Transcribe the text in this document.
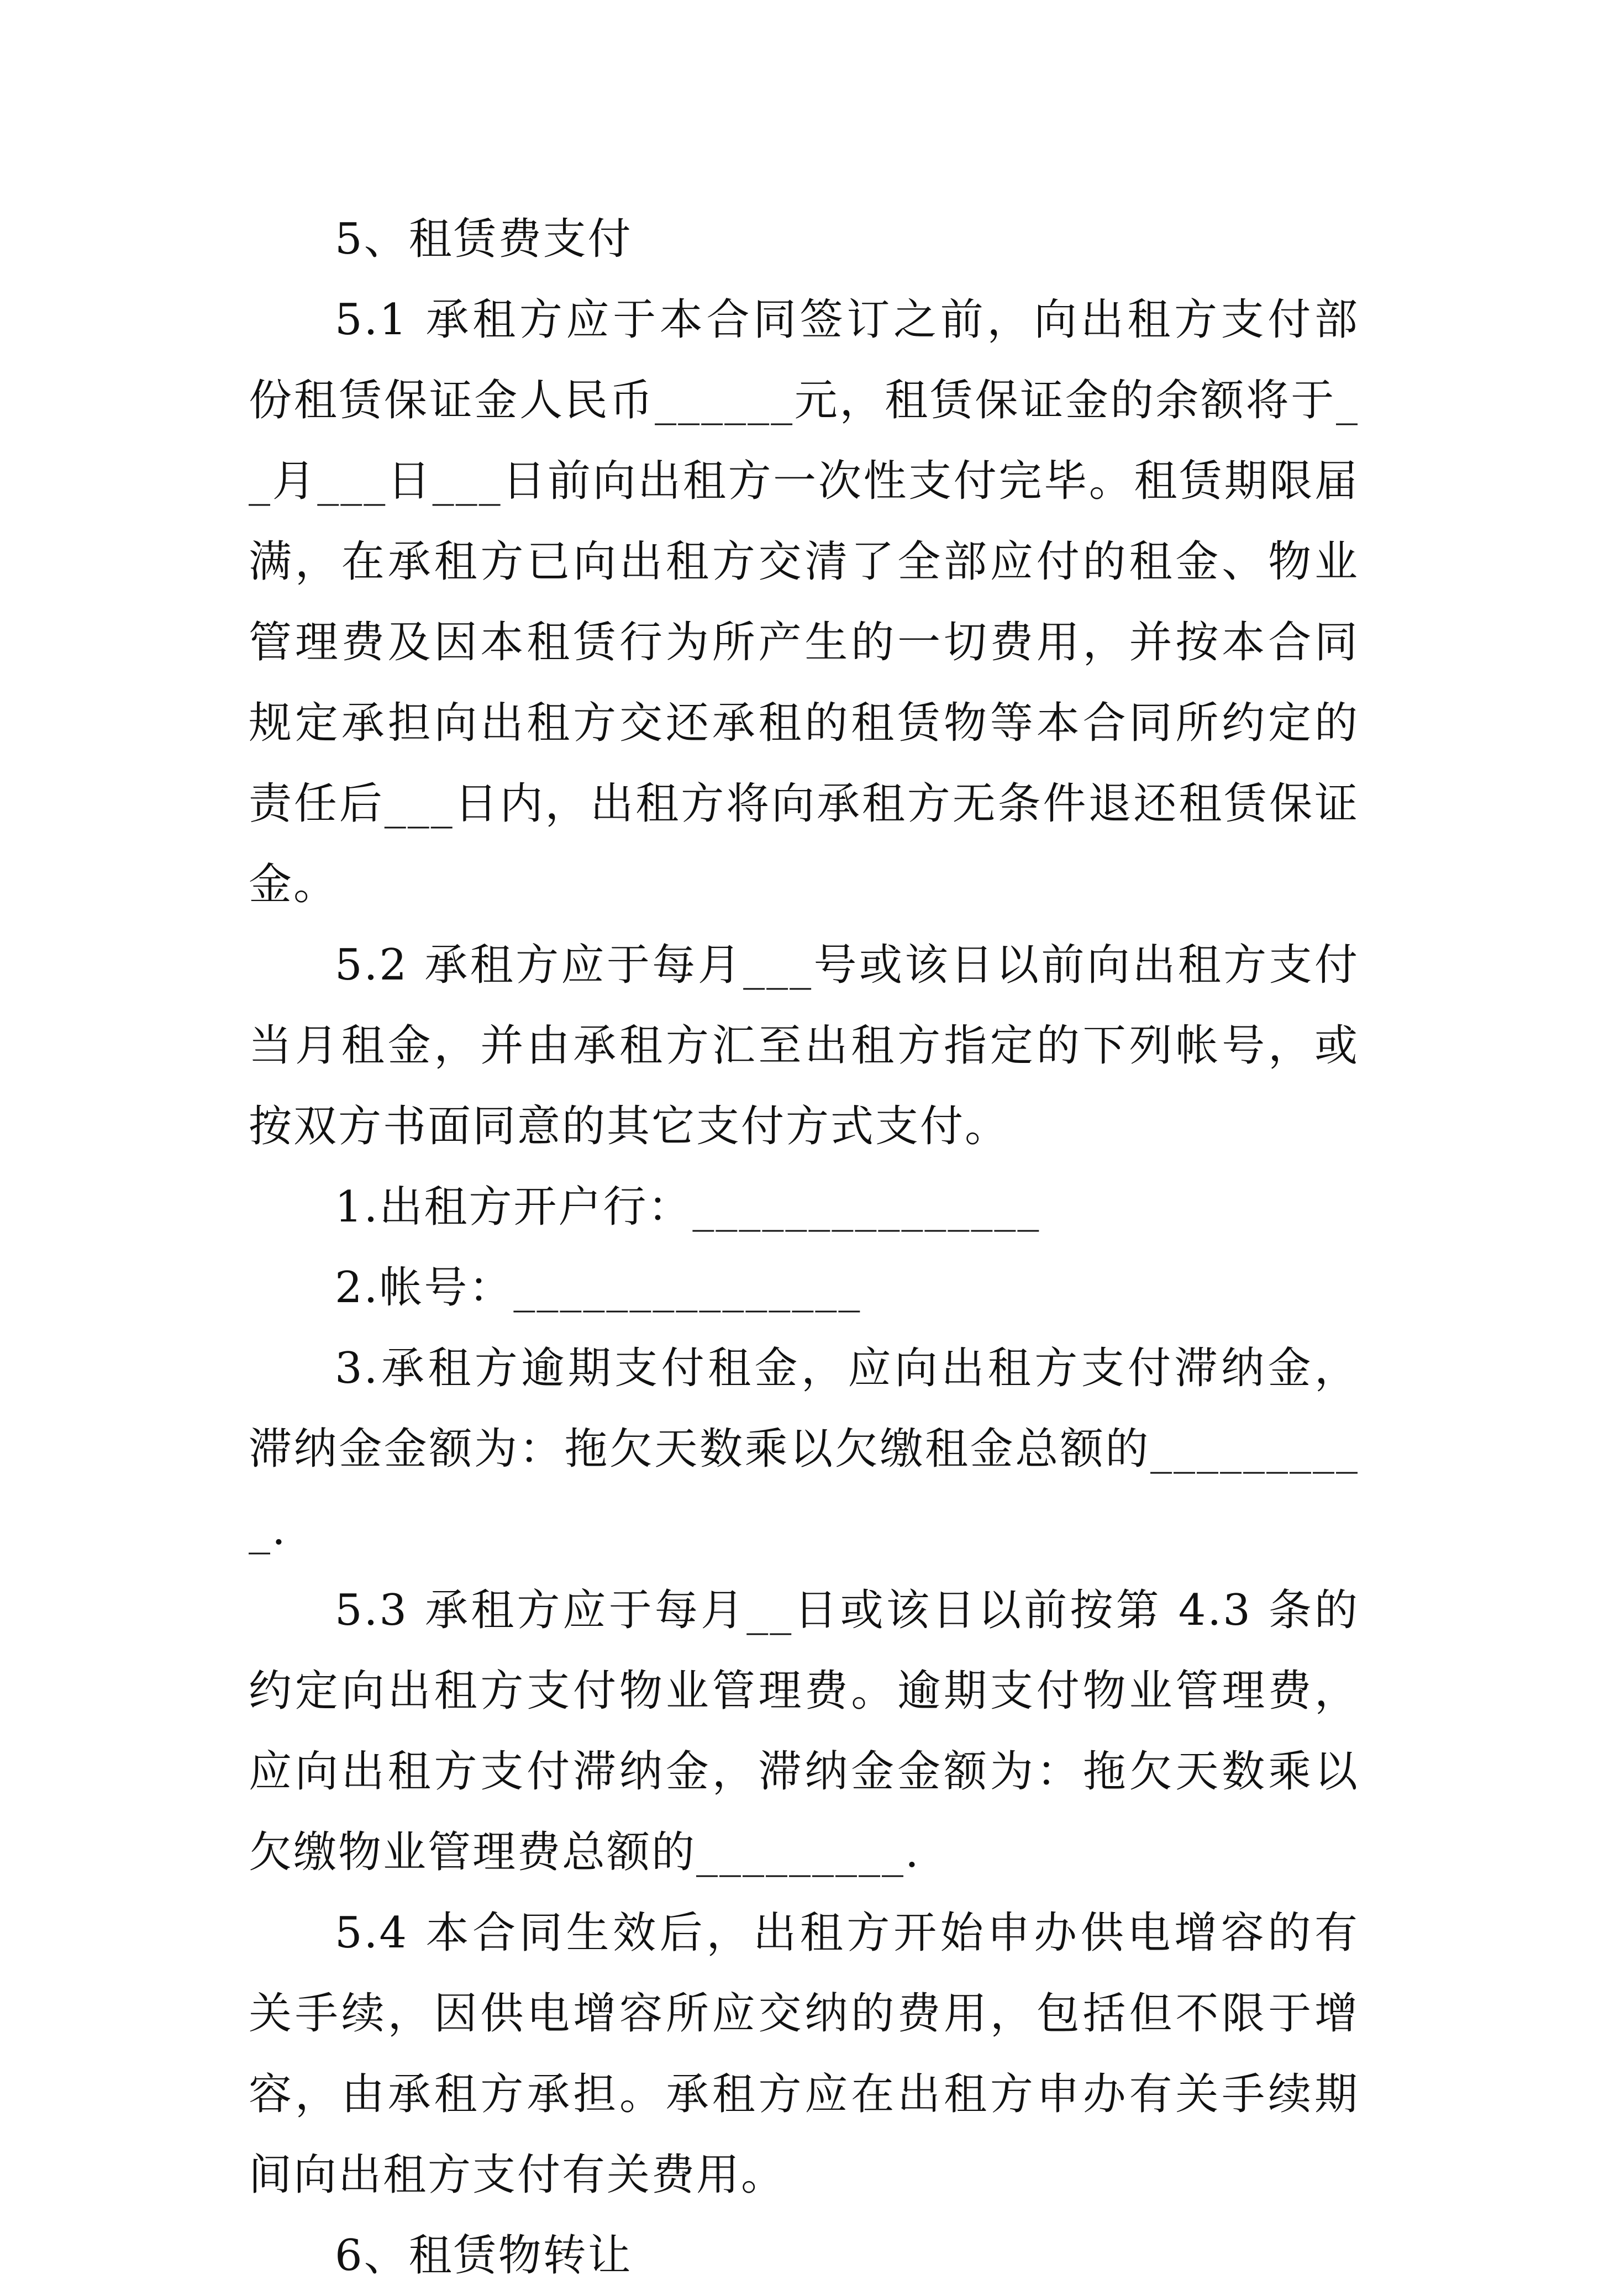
5、租赁费支付

5.1 承租方应于本合同签订之前，向出租方支付部份租赁保证金人民币______元，租赁保证金的余额将于__月___日___日前向出租方一次性支付完毕。租赁期限届满，在承租方已向出租方交清了全部应付的租金、物业管理费及因本租赁行为所产生的一切费用，并按本合同规定承担向出租方交还承租的租赁物等本合同所约定的责任后___日内，出租方将向承租方无条件退还租赁保证金。

5.2 承租方应于每月___号或该日以前向出租方支付当月租金，并由承租方汇至出租方指定的下列帐号，或按双方书面同意的其它支付方式支付。

1.出租方开户行：_______________

2.帐号：_______________

3.承租方逾期支付租金，应向出租方支付滞纳金，滞纳金金额为：拖欠天数乘以欠缴租金总额的__________.

5.3 承租方应于每月__日或该日以前按第 4.3 条的约定向出租方支付物业管理费。逾期支付物业管理费，应向出租方支付滞纳金，滞纳金金额为：拖欠天数乘以欠缴物业管理费总额的_________.

5.4 本合同生效后，出租方开始申办供电增容的有关手续，因供电增容所应交纳的费用，包括但不限于增容，由承租方承担。承租方应在出租方申办有关手续期间向出租方支付有关费用。

6、租赁物转让
